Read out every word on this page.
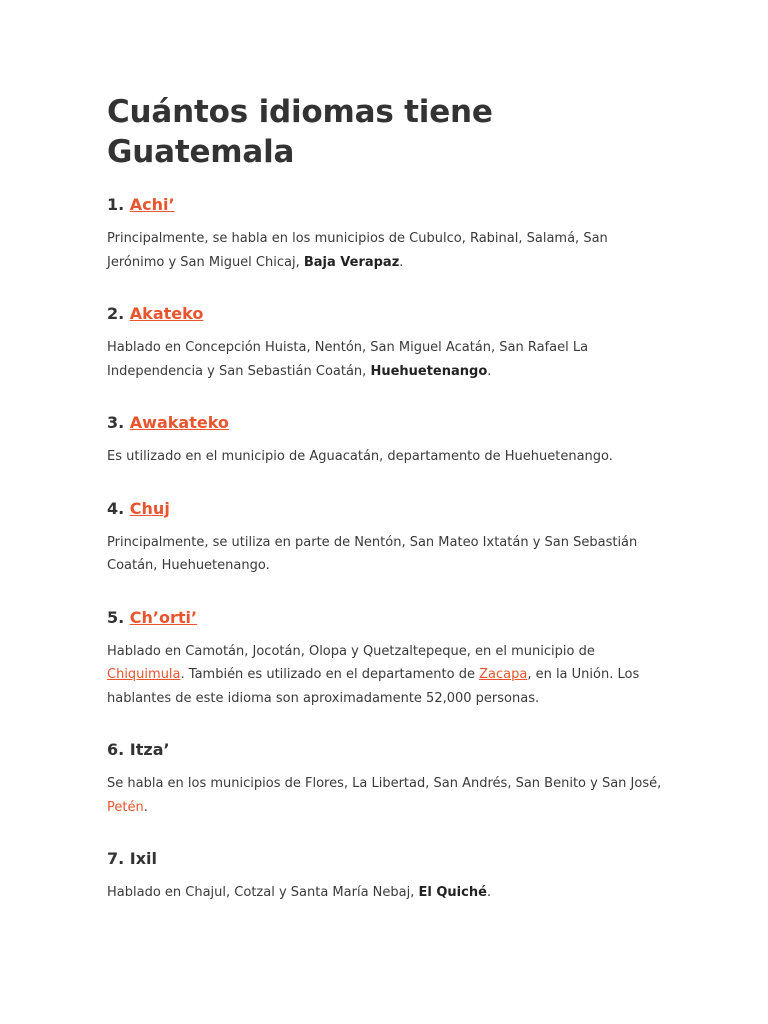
Cuántos idiomas tiene Guatemala
1. Achi’

Principalmente, se habla en los municipios de Cubulco, Rabinal, Salamá, San Jerónimo y San Miguel Chicaj, Baja Verapaz.

2. Akateko

Hablado en Concepción Huista, Nentón, San Miguel Acatán, San Rafael La Independencia y San Sebastián Coatán, Huehuetenango.

3. Awakateko

Es utilizado en el municipio de Aguacatán, departamento de Huehuetenango.

4. Chuj

Principalmente, se utiliza en parte de Nentón, San Mateo Ixtatán y San Sebastián Coatán, Huehuetenango.

5. Ch’orti’

Hablado en Camotán, Jocotán, Olopa y Quetzaltepeque, en el municipio de Chiquimula. También es utilizado en el departamento de Zacapa, en la Unión. Los hablantes de este idioma son aproximadamente 52,000 personas.

6. Itza’

Se habla en los municipios de Flores, La Libertad, San Andrés, San Benito y San José, Petén.

7. Ixil

Hablado en Chajul, Cotzal y Santa María Nebaj, El Quiché.
